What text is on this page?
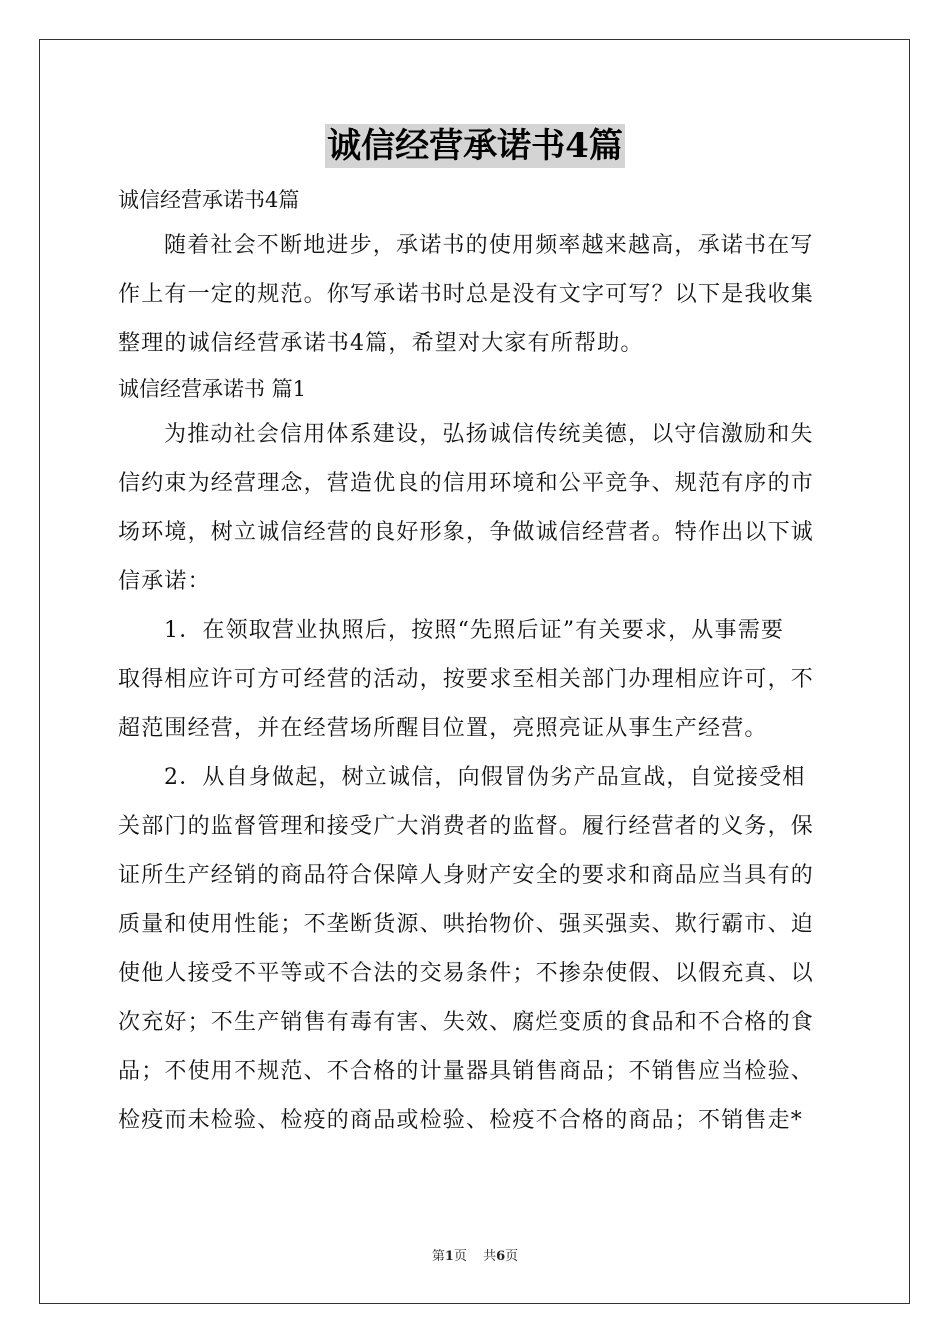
诚信经营承诺书4篇

诚信经营承诺书4篇

随着社会不断地进步，承诺书的使用频率越来越高，承诺书在写
作上有一定的规范。你写承诺书时总是没有文字可写？以下是我收集
整理的诚信经营承诺书4篇，希望对大家有所帮助。

诚信经营承诺书 篇1

为推动社会信用体系建设，弘扬诚信传统美德，以守信激励和失
信约束为经营理念，营造优良的信用环境和公平竞争、规范有序的市
场环境，树立诚信经营的良好形象，争做诚信经营者。特作出以下诚
信承诺：

1．在领取营业执照后，按照“先照后证”有关要求，从事需要
取得相应许可方可经营的活动，按要求至相关部门办理相应许可，不
超范围经营，并在经营场所醒目位置，亮照亮证从事生产经营。

2．从自身做起，树立诚信，向假冒伪劣产品宣战，自觉接受相
关部门的监督管理和接受广大消费者的监督。履行经营者的义务，保
证所生产经销的商品符合保障人身财产安全的要求和商品应当具有的
质量和使用性能；不垄断货源、哄抬物价、强买强卖、欺行霸市、迫
使他人接受不平等或不合法的交易条件；不掺杂使假、以假充真、以
次充好；不生产销售有毒有害、失效、腐烂变质的食品和不合格的食
品；不使用不规范、不合格的计量器具销售商品；不销售应当检验、
检疫而未检验、检疫的商品或检验、检疫不合格的商品；不销售走*

第1页 共6页
